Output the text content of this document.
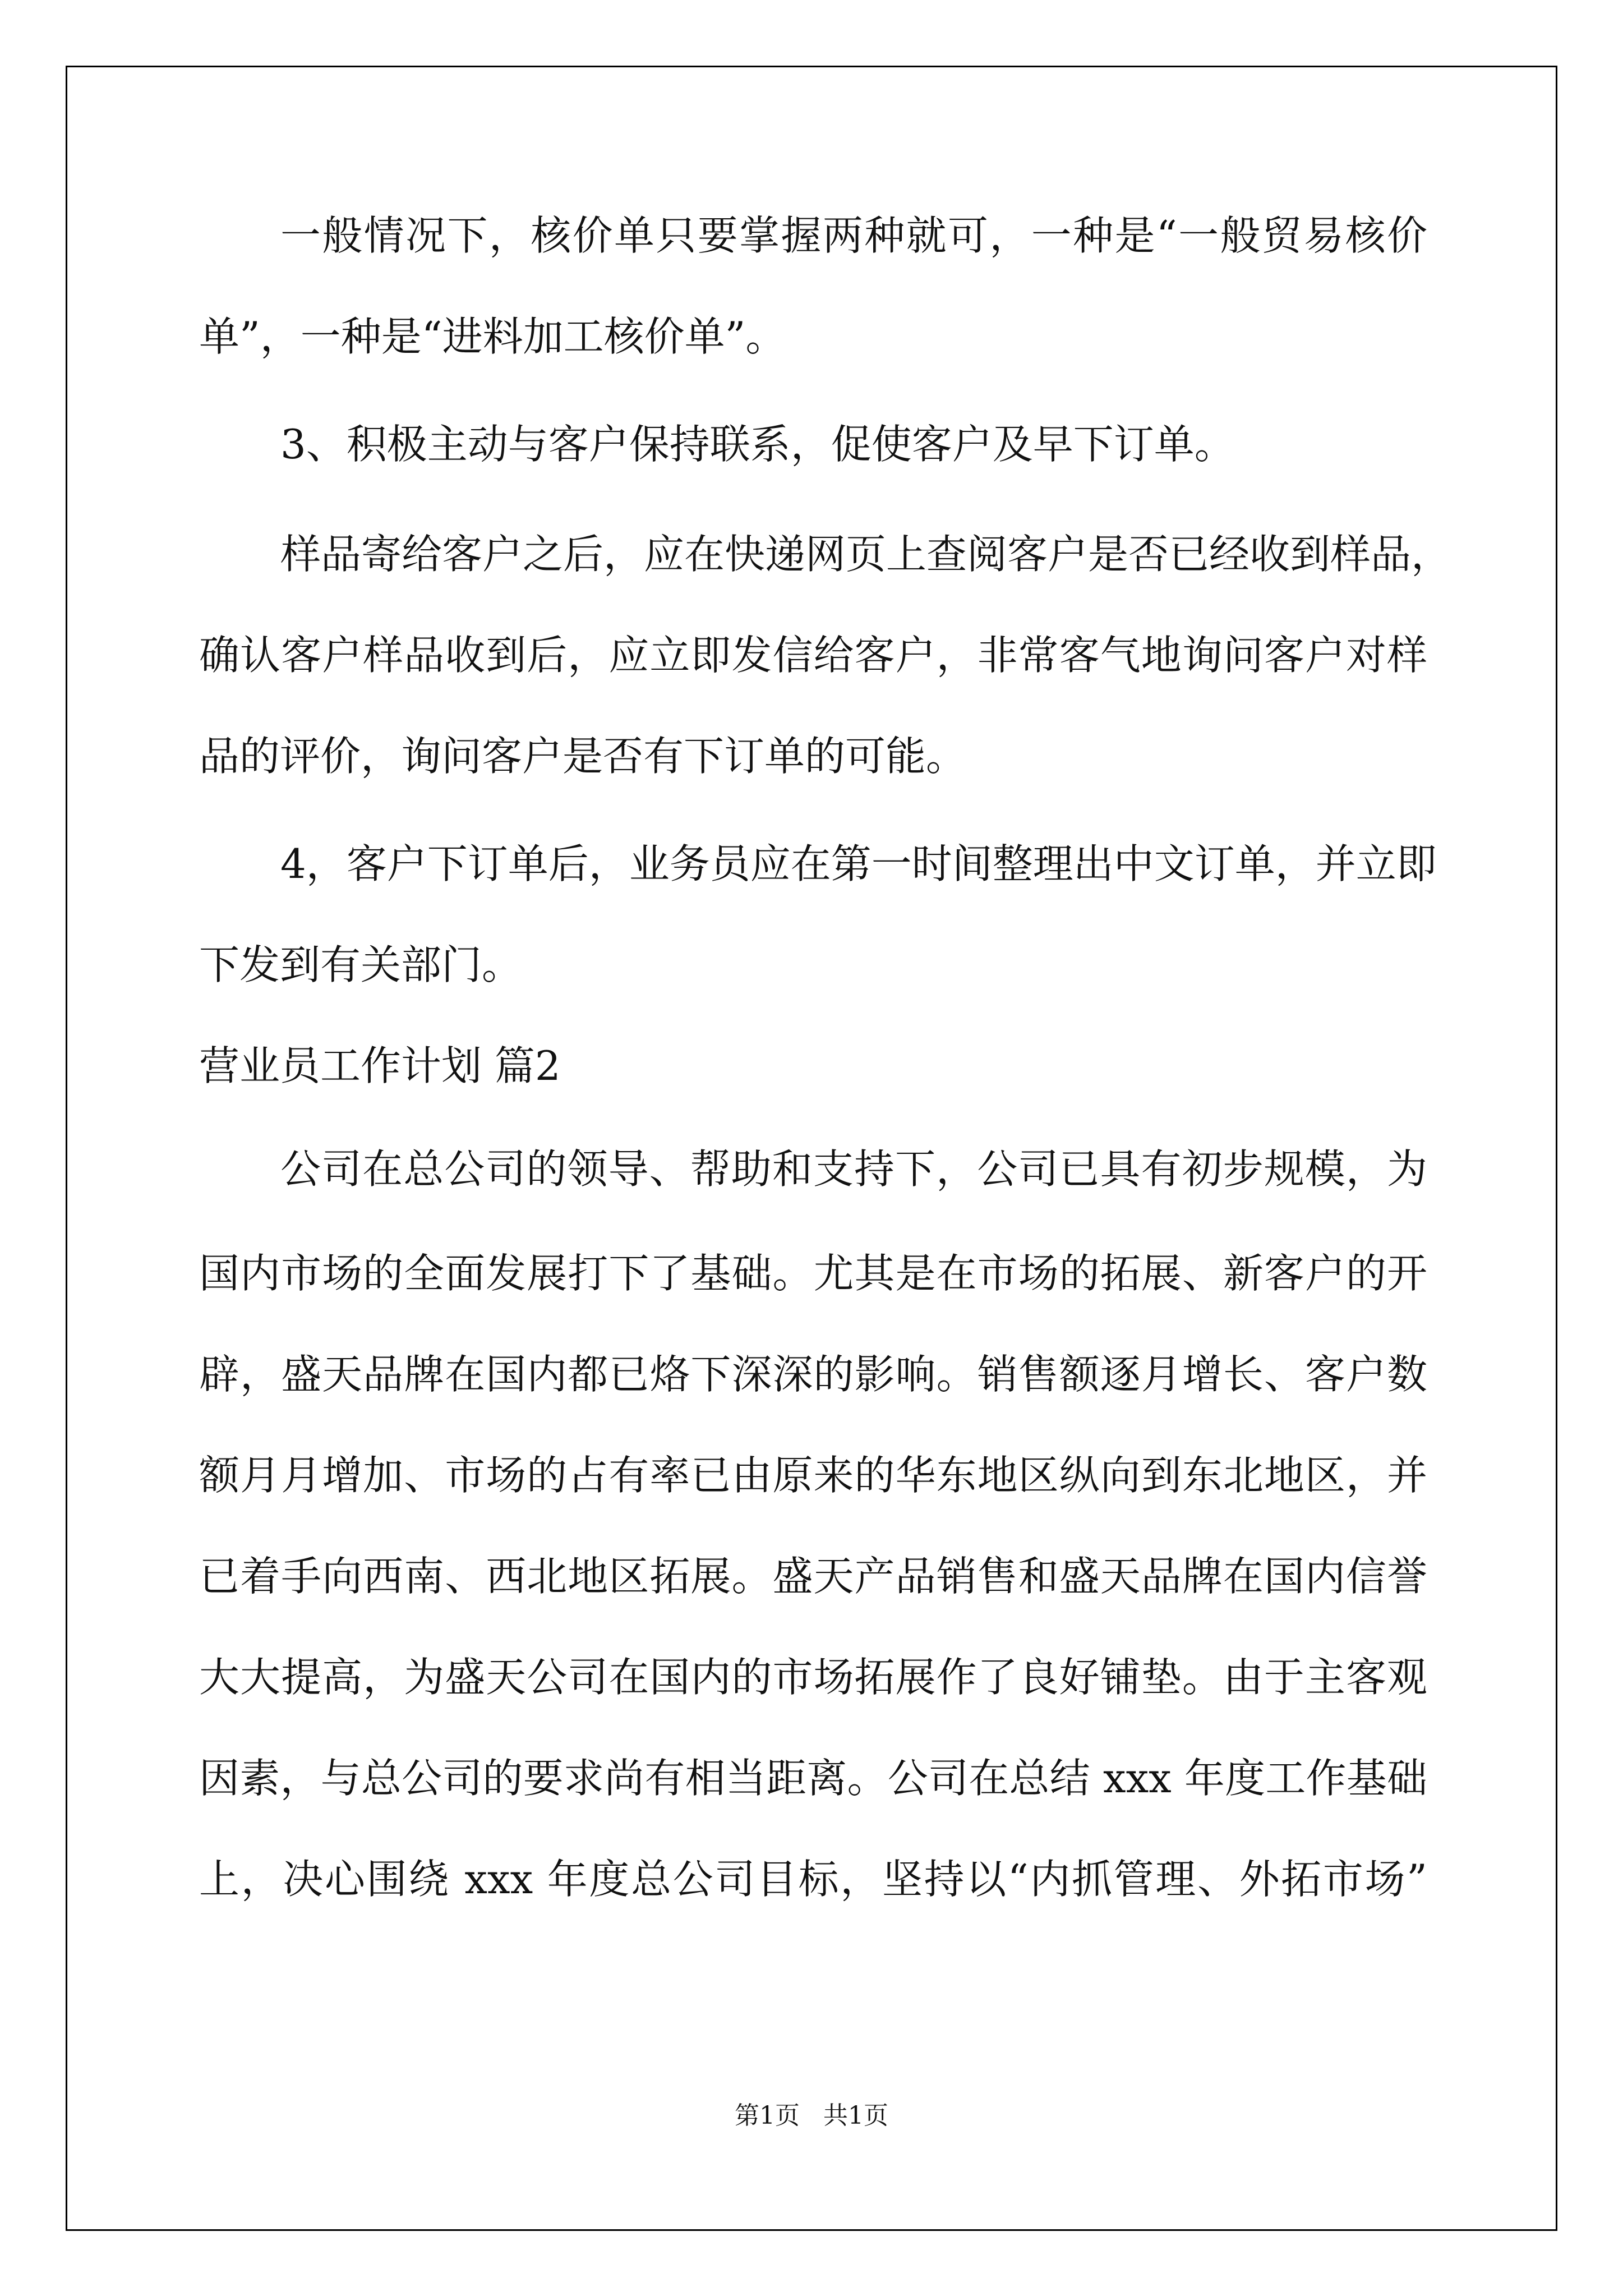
一般情况下，核价单只要掌握两种就可，一种是“一般贸易核价
单”，一种是“进料加工核价单”。
3、积极主动与客户保持联系，促使客户及早下订单。
样品寄给客户之后，应在快递网页上查阅客户是否已经收到样品，
确认客户样品收到后，应立即发信给客户，非常客气地询问客户对样
品的评价，询问客户是否有下订单的可能。
4，客户下订单后，业务员应在第一时间整理出中文订单，并立即
下发到有关部门。
营业员工作计划 篇2
公司在总公司的领导、帮助和支持下，公司已具有初步规模，为
国内市场的全面发展打下了基础。尤其是在市场的拓展、新客户的开
辟，盛天品牌在国内都已烙下深深的影响。销售额逐月增长、客户数
额月月增加、市场的占有率已由原来的华东地区纵向到东北地区，并
已着手向西南、西北地区拓展。盛天产品销售和盛天品牌在国内信誉
大大提高，为盛天公司在国内的市场拓展作了良好铺垫。由于主客观
因素，与总公司的要求尚有相当距离。公司在总结 xxx 年度工作基础
上，决心围绕 xxx 年度总公司目标，坚持以“内抓管理、外拓市场”
第1页   共1页
